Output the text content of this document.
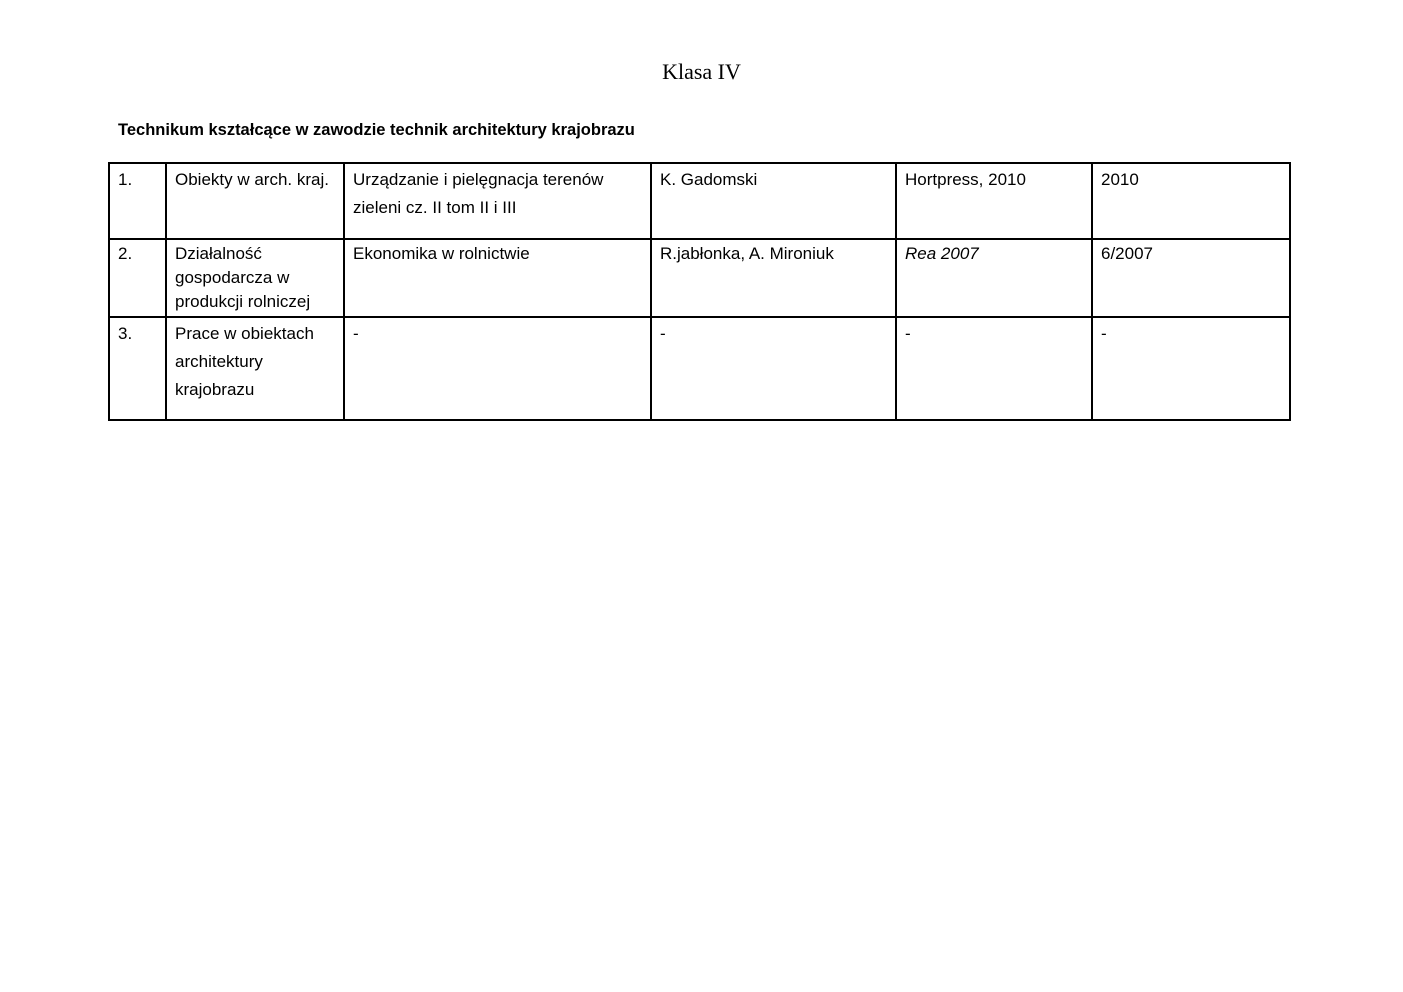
Klasa IV
Technikum kształcące w zawodzie technik architektury krajobrazu
1.	Obiekty w arch. kraj.	Urządzanie i pielęgnacja terenów zieleni cz. II tom II i III	K. Gadomski	Hortpress, 2010	2010

2.	Działalność gospodarcza w produkcji rolniczej	Ekonomika w rolnictwie	R.jabłonka, A. Mironiuk	Rea 2007	6/2007

3.	Prace w obiektach architektury krajobrazu	-	-	-	-
